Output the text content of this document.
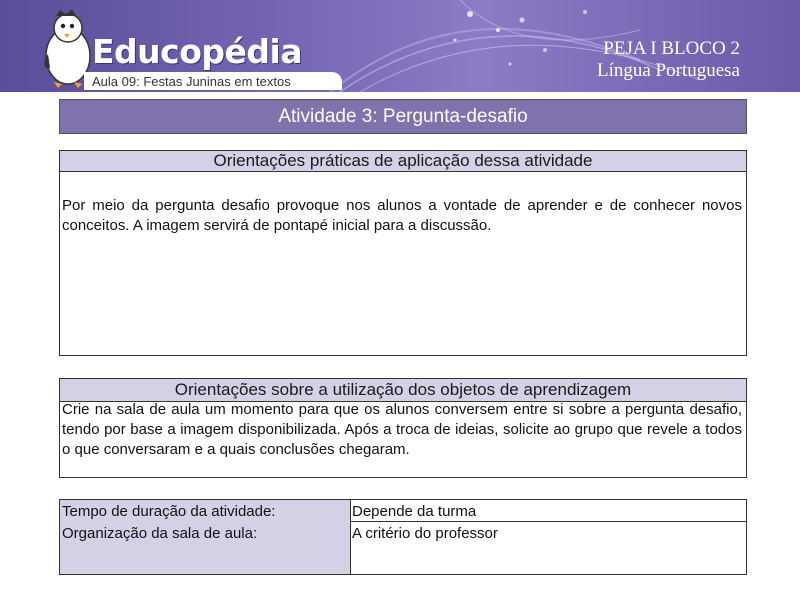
Educopédia
Aula 09: Festas Juninas em textos
PEJA I BLOCO 2
Língua Portuguesa
Atividade 3: Pergunta-desafio
Orientações práticas de aplicação dessa atividade
Por meio da pergunta desafio provoque nos alunos a vontade de aprender e de conhecer novos conceitos. A imagem servirá de pontapé inicial para a discussão.
Orientações sobre a utilização dos objetos de aprendizagem
Crie na sala de aula um momento para que os alunos conversem entre si sobre a pergunta desafio, tendo por base a imagem disponibilizada. Após a troca de ideias, solicite ao grupo que revele a todos o que conversaram e a quais conclusões chegaram.
Tempo de duração da atividade:	Depende da turma
Organização da sala de aula:	A critério do professor
